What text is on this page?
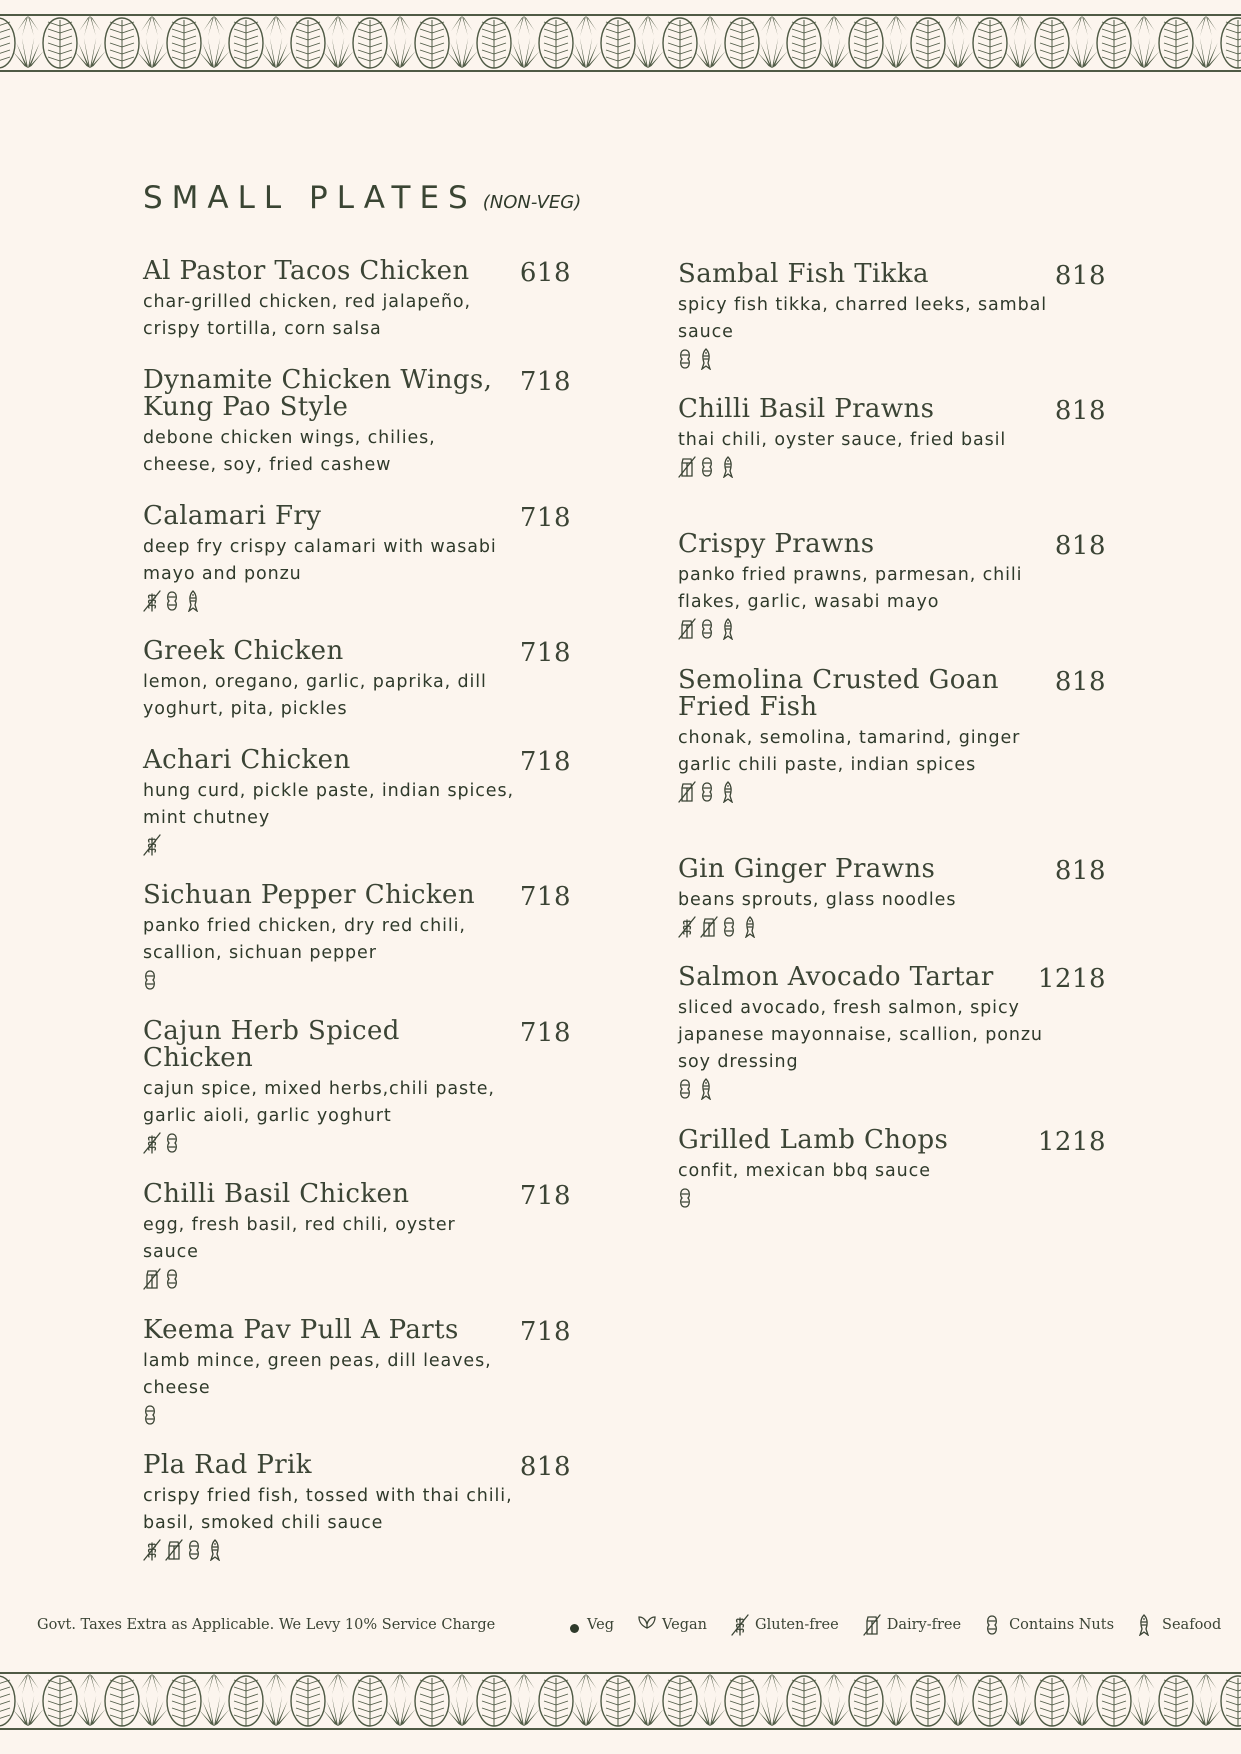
SMALL PLATES (NON-VEG)
Al Pastor Tacos Chicken	618
char-grilled chicken, red jalapeño, crispy tortilla, corn salsa
Dynamite Chicken Wings, Kung Pao Style
718
debone chicken wings, chilies, cheese, soy, fried cashew
Calamari Fry	718
deep fry crispy calamari with wasabi mayo and ponzu
Greek Chicken	718
lemon, oregano, garlic, paprika, dill yoghurt, pita, pickles
Achari Chicken	718
hung curd, pickle paste, indian spices, mint chutney
Sichuan Pepper Chicken	718
panko fried chicken, dry red chili, scallion, sichuan pepper
Cajun Herb Spiced Chicken
718
cajun spice, mixed herbs,chili paste, garlic aioli, garlic yoghurt
Chilli Basil Chicken	718
egg, fresh basil, red chili, oyster sauce
Keema Pav Pull A Parts	718
lamb mince, green peas, dill leaves, cheese
Pla Rad Prik	818
crispy fried fish, tossed with thai chili, basil, smoked chili sauce
Sambal Fish Tikka	818
spicy fish tikka, charred leeks, sambal sauce
Chilli Basil Prawns	818
thai chili, oyster sauce, fried basil
Crispy Prawns	818
panko fried prawns, parmesan, chili flakes, garlic, wasabi mayo
Semolina Crusted Goan Fried Fish
818
chonak, semolina, tamarind, ginger garlic chili paste, indian spices
Gin Ginger Prawns	818
beans sprouts, glass noodles
Salmon Avocado Tartar	1218
sliced avocado, fresh salmon, spicy japanese mayonnaise, scallion, ponzu soy dressing
Grilled Lamb Chops	1218
confit, mexican bbq sauce
Govt. Taxes Extra as Applicable. We Levy 10% Service Charge	Veg	Vegan	Gluten-free	Dairy-free	Contains Nuts	Seafood
